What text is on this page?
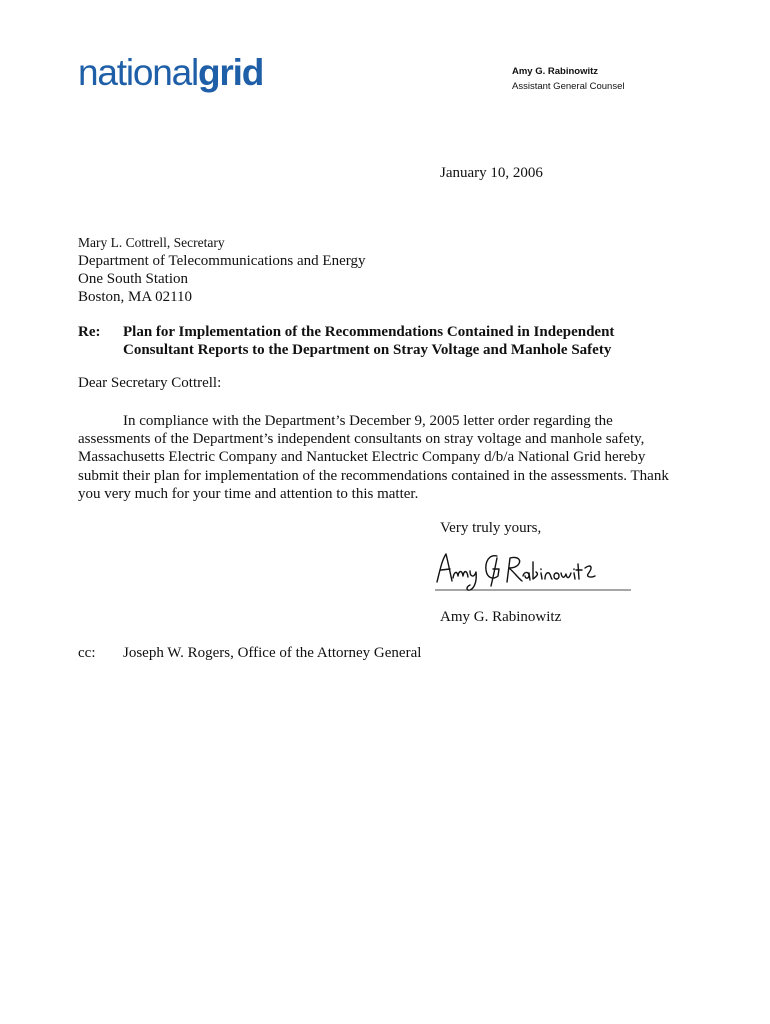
nationalgrid	Amy G. Rabinowitz
Assistant General Counsel
January 10, 2006
Mary L. Cottrell, Secretary
Department of Telecommunications and Energy
One South Station
Boston, MA 02110
Re: Plan for Implementation of the Recommendations Contained in Independent
Consultant Reports to the Department on Stray Voltage and Manhole Safety
Dear Secretary Cottrell:
In compliance with the Department’s December 9, 2005 letter order regarding the
assessments of the Department’s independent consultants on stray voltage and manhole safety,
Massachusetts Electric Company and Nantucket Electric Company d/b/a National Grid hereby
submit their plan for implementation of the recommendations contained in the assessments. Thank
you very much for your time and attention to this matter.
Very truly yours,
Amy G. Rabinowitz
cc: Joseph W. Rogers, Office of the Attorney General
